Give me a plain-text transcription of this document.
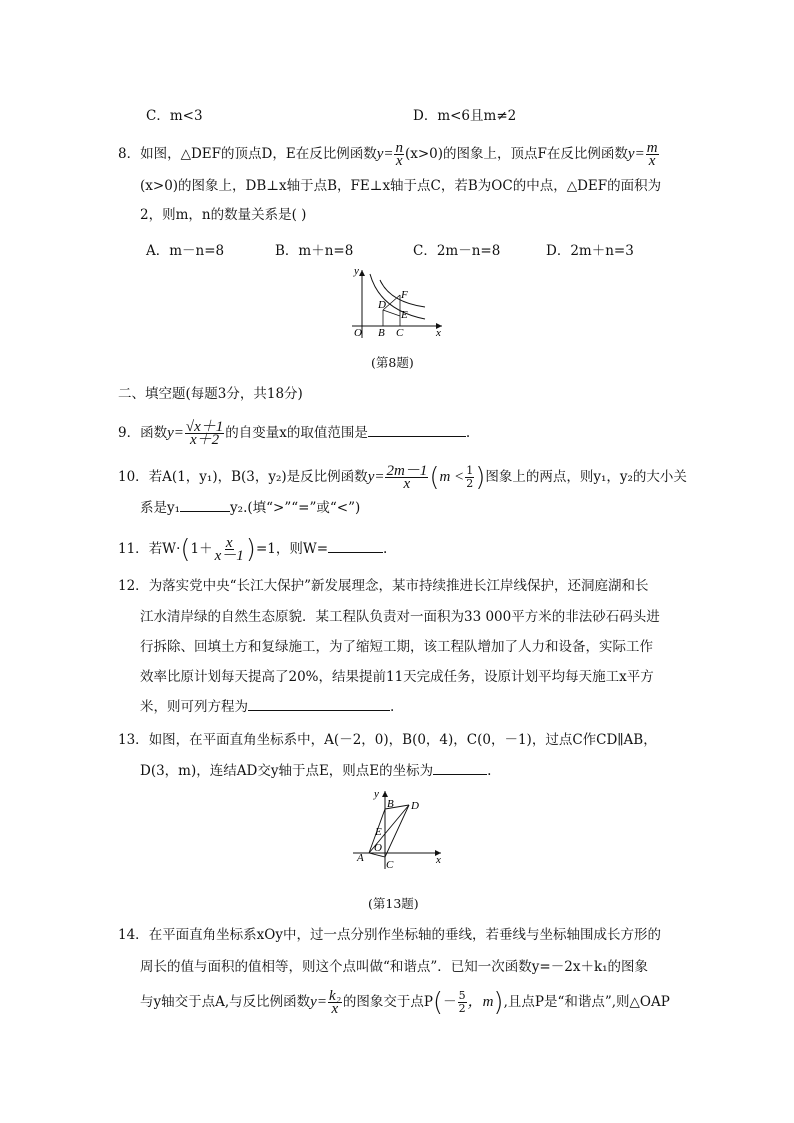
C．m<3	D．m<6且m≠2
8．如图，△DEF的顶点D，E在反比例函数$y= \frac{n}{x} (x>0)$的图象上，顶点F在反比例函数$y= \frac{m}{x}$
(x>0)的图象上，DB⊥x轴于点B，FE⊥x轴于点C，若B为OC的中点，△DEF的面积为
2，则m，n的数量关系是( )
A．m－n=8	B．m＋n=8	C．2m－n=8	D．2m＋n=3
y
x
O B C
D
E
F
(第8题)
二、填空题(每题3分，共18分)
9．函数$y= \frac{√x+1}{x+2}$ 的自变量x的取值范围是	.
10．若A(1，y₁)，B(3，y₂)是反比例函数$y= \frac{2m-1}{x} (m < \frac{1}{2}$ )图象上的两点，则y₁，y₂的大小关
系是y₁	y₂.(填“>”“=”或“<”)
11．若$W\cdot(1+ \frac{x}{x-1} )=1$，则W=	.
12．为落实党中央“长江大保护”新发展理念，某市持续推进长江岸线保护，还洞庭湖和长
江水清岸绿的自然生态原貌．某工程队负责对一面积为33 000平方米的非法砂石码头进
行拆除、回填土方和复绿施工，为了缩短工期，该工程队增加了人力和设备，实际工作
效率比原计划每天提高了20%，结果提前11天完成任务，设原计划平均每天施工x平方
米，则可列方程为	.
13．如图，在平面直角坐标系中，A(－2，0)，B(0，4)，C(0，－1)，过点C作CD∥AB，
D(3，m)，连结AD交y轴于点E，则点E的坐标为	.
y
x
A
B
C
D
E
O
(第13题)
14．在平面直角坐标系xOy中，过一点分别作坐标轴的垂线，若垂线与坐标轴围成长方形的
周长的值与面积的值相等，则这个点叫做“和谐点”．已知一次函数y=－2x＋k₁的图象
与y轴交于点A,与反比例函数$y= \frac{\text{k₂}}{x}$ 的图象交于点$P(- \frac{5}{2}$ ，m),且点P是“和谐点”,则△OAP
